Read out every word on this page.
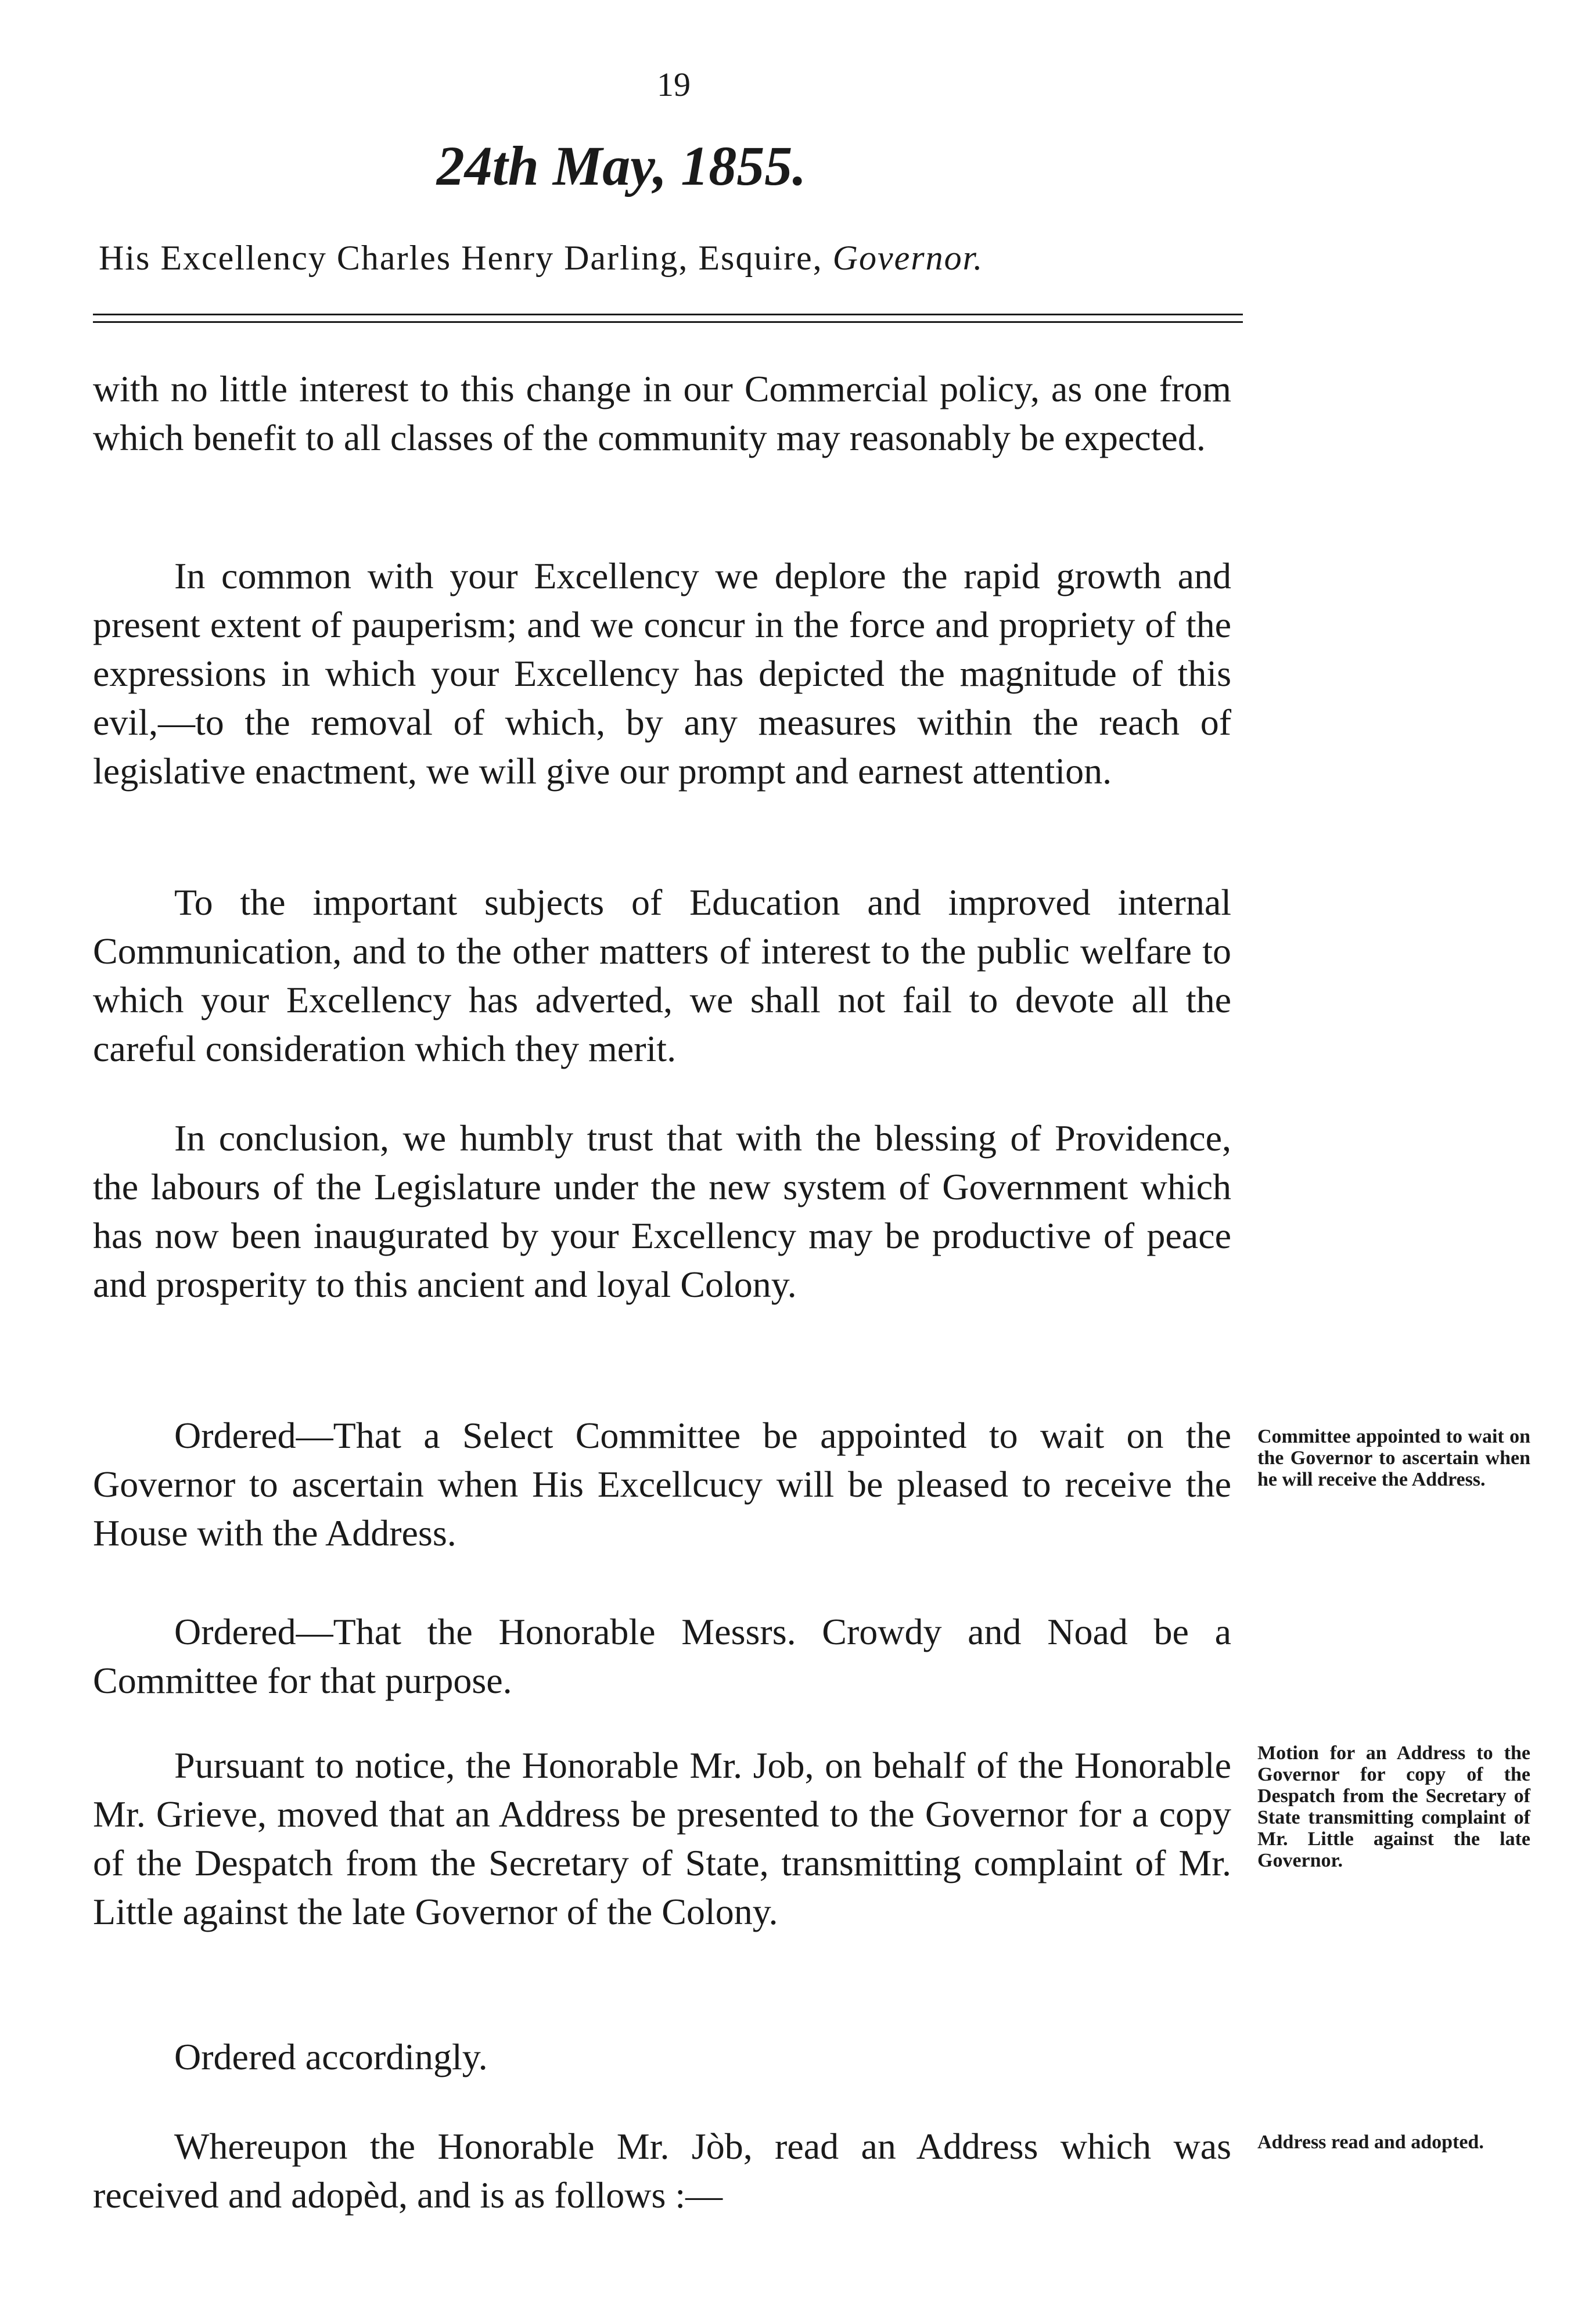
19
24th May, 1855.
His Excellency Charles Henry Darling, Esquire, Governor.
with no little interest to this change in our Commercial policy, as one from which benefit to all classes of the community may reasonably be expected.
In common with your Excellency we deplore the rapid growth and present extent of pauperism; and we concur in the force and propriety of the expressions in which your Excellency has depicted the magnitude of this evil,—to the removal of which, by any measures within the reach of legislative enactment, we will give our prompt and earnest attention.
To the important subjects of Education and improved internal Communication, and to the other matters of interest to the public welfare to which your Excellency has adverted, we shall not fail to devote all the careful consideration which they merit.
In conclusion, we humbly trust that with the blessing of Providence, the labours of the Legislature under the new system of Government which has now been inaugurated by your Excellency may be productive of peace and prosperity to this ancient and loyal Colony.
Ordered—That a Select Committee be appointed to wait on the Governor to ascertain when His Excellcucy will be pleased to receive the House with the Address.
Ordered—That the Honorable Messrs. Crowdy and Noad be a Committee for that purpose.
Pursuant to notice, the Honorable Mr. Job, on behalf of the Honorable Mr. Grieve, moved that an Address be presented to the Governor for a copy of the Despatch from the Secretary of State, transmitting complaint of Mr. Little against the late Governor of the Colony.
Ordered accordingly.
Whereupon the Honorable Mr. Jòb, read an Address which was received and adopèd, and is as follows :—
Committee appointed to wait on the Governor to ascertain when he will receive the Address.
Motion for an Address to the Governor for copy of the Despatch from the Secretary of State transmitting complaint of Mr. Little against the late Governor.
Address read and adopted.
